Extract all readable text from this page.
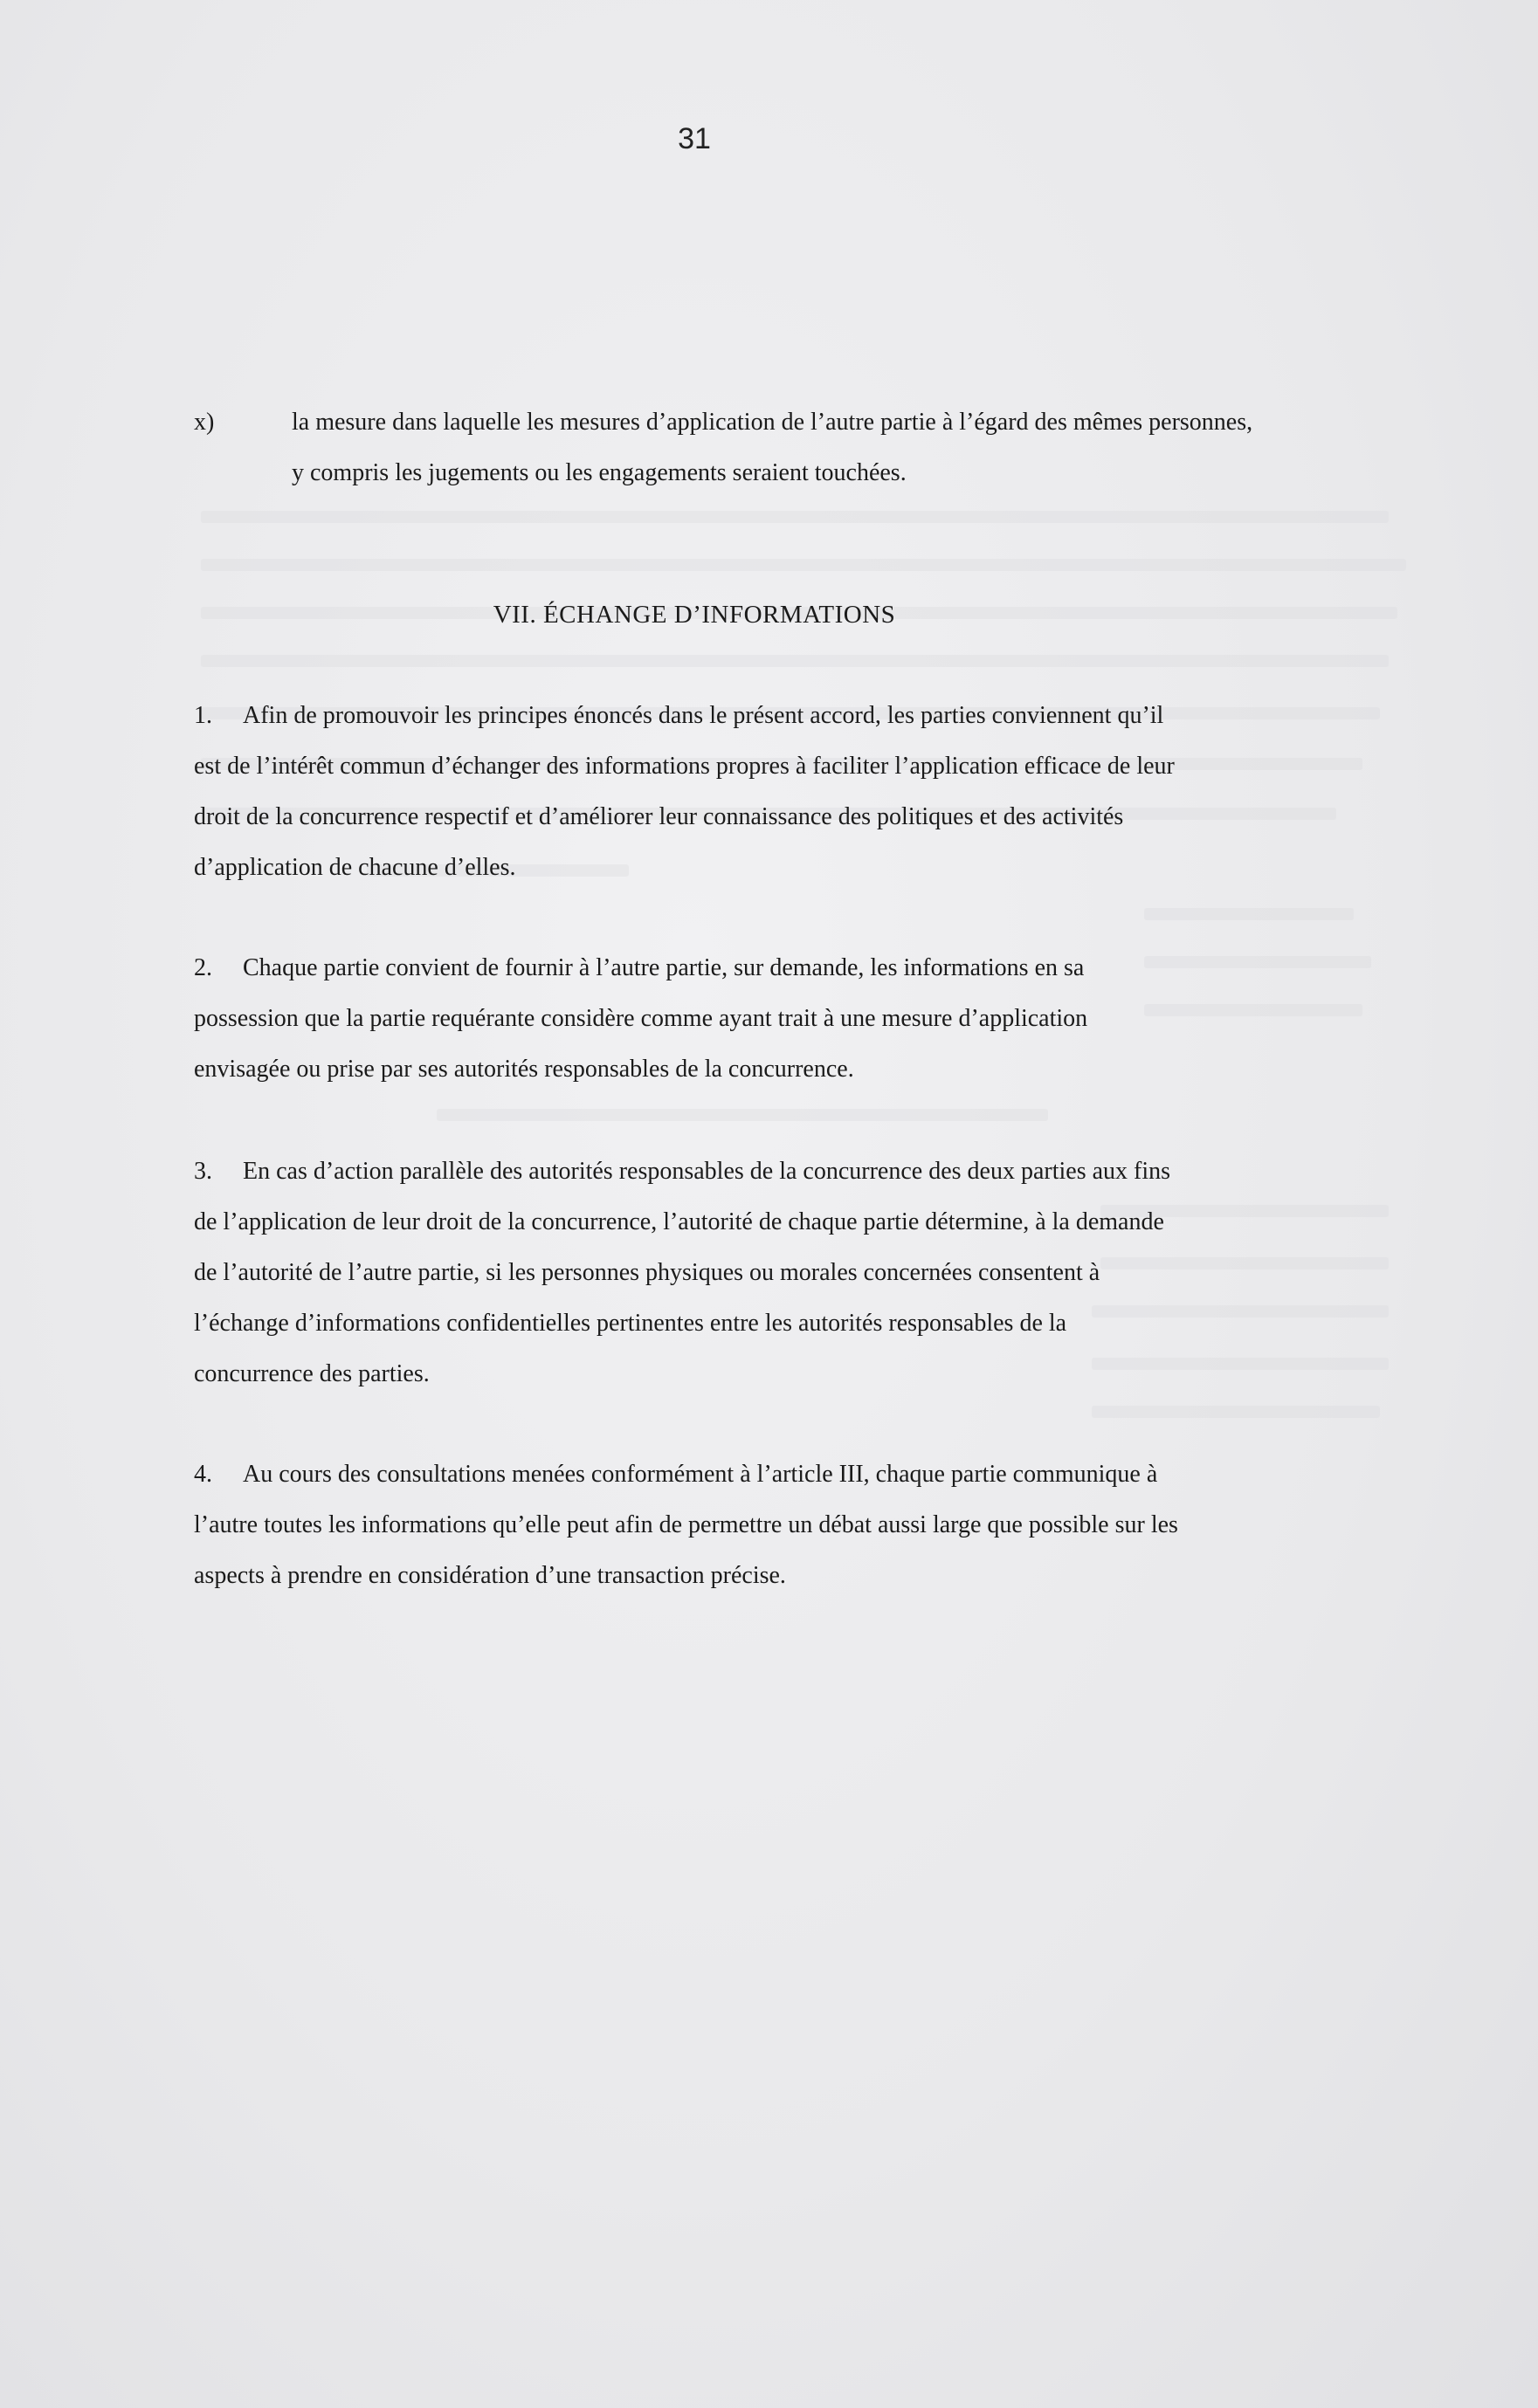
31
x)	la mesure dans laquelle les mesures d’application de l’autre partie à l’égard des mêmes personnes, y compris les jugements ou les engagements seraient touchées.
VII. ÉCHANGE D’INFORMATIONS
1. Afin de promouvoir les principes énoncés dans le présent accord, les parties conviennent qu’il est de l’intérêt commun d’échanger des informations propres à faciliter l’application efficace de leur droit de la concurrence respectif et d’améliorer leur connaissance des politiques et des activités d’application de chacune d’elles.
2. Chaque partie convient de fournir à l’autre partie, sur demande, les informations en sa possession que la partie requérante considère comme ayant trait à une mesure d’application envisagée ou prise par ses autorités responsables de la concurrence.
3. En cas d’action parallèle des autorités responsables de la concurrence des deux parties aux fins de l’application de leur droit de la concurrence, l’autorité de chaque partie détermine, à la demande de l’autorité de l’autre partie, si les personnes physiques ou morales concernées consentent à l’échange d’informations confidentielles pertinentes entre les autorités responsables de la concurrence des parties.
4. Au cours des consultations menées conformément à l’article III, chaque partie communique à l’autre toutes les informations qu’elle peut afin de permettre un débat aussi large que possible sur les aspects à prendre en considération d’une transaction précise.
